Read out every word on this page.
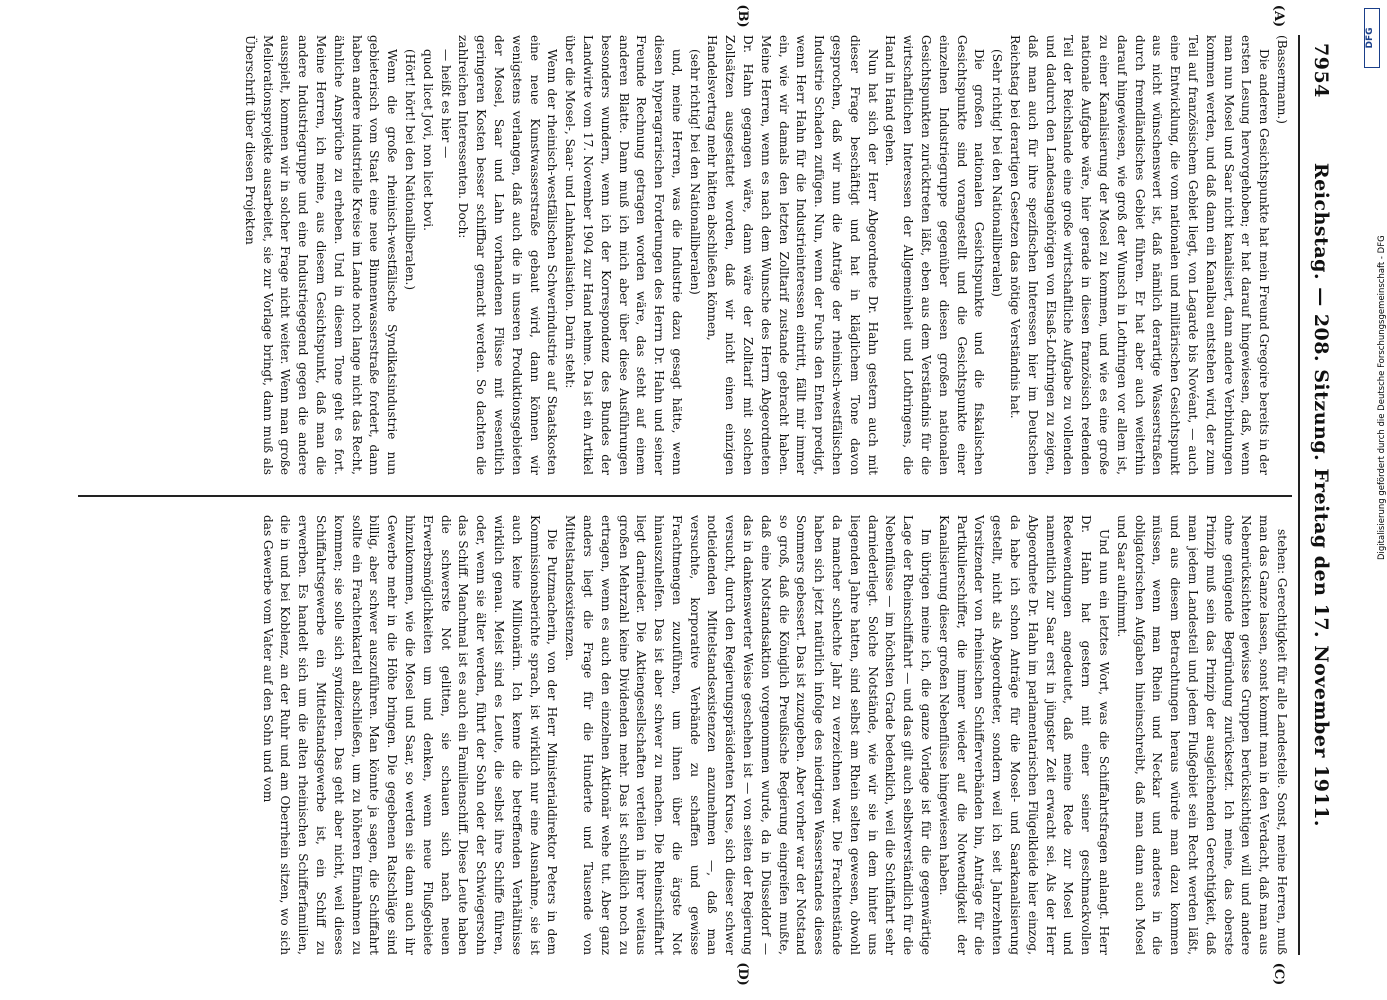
7954
Reichstag. — 208. Sitzung. Freitag den 17. November 1911.
(A)
(B)
(C)
(D)

(Bassermann.)

Die anderen Gesichtspunkte hat mein Freund Gregoire bereits in der ersten Lesung hervorgehoben; er hat darauf hingewiesen, daß, wenn man nun Mosel und Saar nicht kanalisiert, dann andere Verbindungen kommen werden, und daß dann ein Kanalbau entstehen wird, der zum Teil auf französischem Gebiet liegt, von Lagarde bis Novéant, — auch eine Entwicklung, die vom nationalen und militärischen Gesichtspunkt aus nicht wünschenswert ist, daß nämlich derartige Wasserstraßen durch fremdländisches Gebiet führen. Er hat aber auch weiterhin darauf hingewiesen, wie groß der Wunsch in Lothringen vor allem ist, zu einer Kanalisierung der Mosel zu kommen, und wie es eine große nationale Aufgabe wäre, hier gerade in diesen französisch redenden Teil der Reichslande eine große wirtschaftliche Aufgabe zu vollenden und dadurch den Landesangehörigen von Elsaß-Lothringen zu zeigen, daß man auch für ihre spezifischen Interessen hier im Deutschen Reichstag bei derartigen Gesetzen das nötige Verständnis hat.

(Sehr richtig! bei den Nationalliberalen)

Die großen nationalen Gesichtspunkte und die fiskalischen Gesichtspunkte sind vorangestellt und die Gesichtspunkte einer einzelnen Industriegruppe gegenüber diesen großen nationalen Gesichtspunkten zurücktreten läßt, eben aus dem Verständnis für die wirtschaftlichen Interessen der Allgemeinheit und Lothringens, die Hand in Hand gehen.

Nun hat sich der Herr Abgeordnete Dr. Hahn gestern auch mit dieser Frage beschäftigt und hat in kläglichem Tone davon gesprochen, daß wir nun die Anträge der rheinisch-westfälischen Industrie Schaden zufügen. Nun, wenn der Fuchs den Enten predigt, wenn Herr Hahn für die Industrieinteressen eintritt, fällt mir immer ein, wie wir damals den letzten Zolltarif zustande gebracht haben. Meine Herren, wenn es nach dem Wunsche des Herrn Abgeordneten Dr. Hahn gegangen wäre, dann wäre der Zolltarif mit solchen Zollsätzen ausgestattet worden, daß wir nicht einen einzigen Handelsvertrag mehr hätten abschließen können,

(sehr richtig! bei den Nationalliberalen)

und, meine Herren, was die Industrie dazu gesagt hätte, wenn diesen hyperagrarischen Forderungen des Herrn Dr. Hahn und seiner Freunde Rechnung getragen worden wäre, das steht auf einem anderen Blatte. Dann muß ich mich aber über diese Ausführungen besonders wundern, wenn ich der Korrespondenz des Bundes der Landwirte vom 17. November 1904 zur Hand nehme. Da ist ein Artikel über die Mosel-, Saar- und Lahnkanalisation. Darin steht:

Wenn der rheinisch-westfälischen Schwerindustrie auf Staatskosten eine neue Kunstwasserstraße gebaut wird, dann können wir wenigstens verlangen, daß auch die in unseren Produktionsgebieten der Mosel, Saar und Lahn vorhandenen Flüsse mit wesentlich geringeren Kosten besser schiffbar gemacht werden. So dachten die zahlreichen Interessenten. Doch:

— heißt es hier —

quod licet Jovi, non licet bovi.

(Hört! hört! bei den Nationalliberalen.)

Wenn die große rheinisch-westfälische Syndikatsindustrie nun gebieterisch vom Staat eine neue Binnenwasserstraße fordert, dann haben andere industrielle Kreise im Lande noch lange nicht das Recht, ähnliche Ansprüche zu erheben. Und in diesem Tone geht es fort. Meine Herren, ich meine, aus diesem Gesichtspunkt, daß man die andere Industriegruppe und eine Industriegegend gegen die andere ausspielt, kommen wir in solcher Frage nicht weiter. Wenn man große Meliorationsprojekte ausarbeitet, sie zur Vorlage bringt, dann muß als Überschrift über diesen Projekten

stehen: Gerechtigkeit für alle Landesteile. Sonst, meine Herren, muß man das Ganze lassen, sonst kommt man in den Verdacht, daß man aus Nebenrücksichten gewisse Gruppen berücksichtigen will und andere ohne genügende Begründung zurücksetzt. Ich meine, das oberste Prinzip muß sein das Prinzip der ausgleichenden Gerechtigkeit, daß man jedem Landesteil und jedem Flußgebiet sein Recht werden läßt, und aus diesem Betrachtungen heraus würde man dazu kommen müssen, wenn man Rhein und Neckar und anderes in die obligatorischen Aufgaben hineinschreibt, daß man dann auch Mosel und Saar aufnimmt.

Und nun ein letztes Wort, was die Schiffahrtsfragen anlangt. Herr Dr. Hahn hat gestern mit einer seiner geschmackvollen Redewendungen angedeutet, daß meine Rede zur Mosel und namentlich zur Saar erst in jüngster Zeit erwacht sei. Als der Herr Abgeordnete Dr. Hahn im parlamentarischen Flügelkleide hier einzog, da habe ich schon Anträge für die Mosel- und Saarkanalisierung gestellt, nicht als Abgeordneter, sondern weil ich seit Jahrzehnten Vorsitzender von rheinischen Schifferverbänden bin, Anträge für die Partikulierschiffer, die immer wieder auf die Notwendigkeit der Kanalisierung dieser großen Nebenflüsse hingewiesen haben.

Im übrigen meine ich, die ganze Vorlage ist für die gegenwärtige Lage der Rheinschiffahrt — und das gilt auch selbstverständlich für die Nebenflüsse — im höchsten Grade bedenklich, weil die Schiffahrt sehr darniederliegt. Solche Notstände, wie wir sie in dem hinter uns liegenden Jahre hatten, sind selbst am Rhein selten gewesen, obwohl da mancher schlechte Jahr zu verzeichnen war. Die Frachtenstände haben sich jetzt natürlich infolge des niedrigen Wasserstandes dieses Sommers gebessert. Das ist zuzugeben. Aber vorher war der Notstand so groß, daß die Königlich Preußische Regierung eingreifen mußte, daß eine Notstandsaktion vorgenommen wurde, da in Düsseldorf — das in dankenswerter Weise geschehen ist — von seiten der Regierung versucht, durch den Regierungspräsidenten Kruse, sich dieser schwer notleidenden Mittelstandsexistenzen anzunehmen —, daß man versuchte, korporative Verbände zu schaffen und gewisse Frachtmengen zuzuführen, um ihnen über die ärgste Not hinauszuhelfen. Das ist aber schwer zu machen. Die Rheinschiffahrt liegt darnieder. Die Aktiengesellschaften verteilen in ihrer weitaus großen Mehrzahl keine Dividenden mehr. Das ist schließlich noch zu ertragen, wenn es auch den einzelnen Aktionär wehe tut. Aber ganz anders liegt die Frage für die Hunderte und Tausende von Mittelstandsexistenzen.

Die Putzmacherin, von der Herr Ministerialdirektor Peters in dem Kommissionsberichte sprach, ist wirklich nur eine Ausnahme, sie ist auch keine Millionärin. Ich kenne die betreffenden Verhältnisse wirklich genau. Meist sind es Leute, die selbst ihre Schiffe führen, oder, wenn sie älter werden, führt der Sohn oder der Schwiegersohn das Schiff. Manchmal ist es auch ein Familienschiff. Diese Leute haben die schwerste Not gelitten, sie schauen sich nach neuen Erwerbsmöglichkeiten um und denken, wenn neue Flußgebiete hinzukommen, wie die Mosel und Saar, so werden sie dann auch ihr Gewerbe mehr in die Höhe bringen. Die gegebenen Ratschläge sind billig, aber schwer auszuführen. Man könnte ja sagen, die Schiffahrt sollte ein Frachtenkartell abschließen, um zu höheren Einnahmen zu kommen; sie solle sich syndizieren. Das geht aber nicht, weil dieses Schiffahrtsgewerbe ein Mittelstandsgewerbe ist, ein Schiff zu erwerben. Es handelt sich um die alten rheinischen Schifferfamilien, die in und bei Koblenz, an der Ruhr und am Oberrhein sitzen, wo sich das Gewerbe vom Vater auf den Sohn und vom

Digitalisierung gefördert durch die Deutsche Forschungsgemeinschaft - DFG
DFG
